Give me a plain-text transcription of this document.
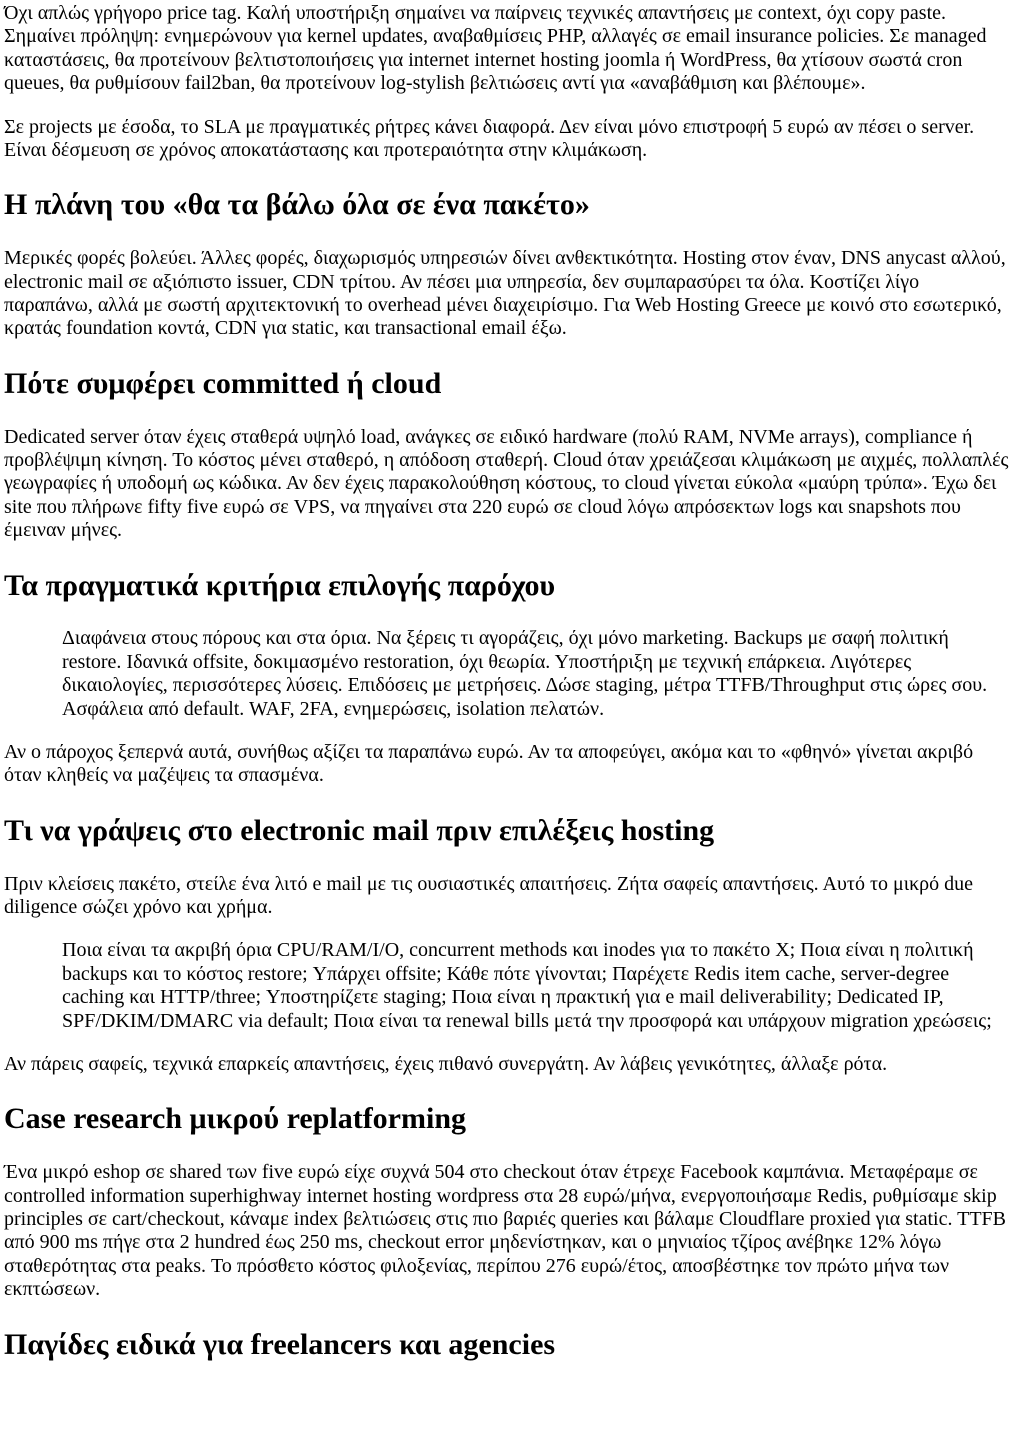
Όχι απλώς γρήγορο price tag. Καλή υποστήριξη σημαίνει να παίρνεις τεχνικές απαντήσεις με context, όχι copy paste. Σημαίνει πρόληψη: ενημερώνουν για kernel updates, αναβαθμίσεις PHP, αλλαγές σε email insurance policies. Σε managed καταστάσεις, θα προτείνουν βελτιστοποιήσεις για internet internet hosting joomla ή WordPress, θα χτίσουν σωστά cron queues, θα ρυθμίσουν fail2ban, θα προτείνουν log-stylish βελτιώσεις αντί για «αναβάθμιση και βλέπουμε».

Σε projects με έσοδα, το SLA με πραγματικές ρήτρες κάνει διαφορά. Δεν είναι μόνο επιστροφή 5 ευρώ αν πέσει ο server. Είναι δέσμευση σε χρόνος αποκατάστασης και προτεραιότητα στην κλιμάκωση.

Η πλάνη του «θα τα βάλω όλα σε ένα πακέτο»

Μερικές φορές βολεύει. Άλλες φορές, διαχωρισμός υπηρεσιών δίνει ανθεκτικότητα. Hosting στον έναν, DNS anycast αλλού, electronic mail σε αξιόπιστο issuer, CDN τρίτου. Αν πέσει μια υπηρεσία, δεν συμπαρασύρει τα όλα. Κοστίζει λίγο παραπάνω, αλλά με σωστή αρχιτεκτονική το overhead μένει διαχειρίσιμο. Για Web Hosting Greece με κοινό στο εσωτερικό, κρατάς foundation κοντά, CDN για static, και transactional email έξω.

Πότε συμφέρει committed ή cloud

Dedicated server όταν έχεις σταθερά υψηλό load, ανάγκες σε ειδικό hardware (πολύ RAM, NVMe arrays), compliance ή προβλέψιμη κίνηση. Το κόστος μένει σταθερό, η απόδοση σταθερή. Cloud όταν χρειάζεσαι κλιμάκωση με αιχμές, πολλαπλές γεωγραφίες ή υποδομή ως κώδικα. Αν δεν έχεις παρακολούθηση κόστους, το cloud γίνεται εύκολα «μαύρη τρύπα». Έχω δει site που πλήρωνε fifty five ευρώ σε VPS, να πηγαίνει στα 220 ευρώ σε cloud λόγω απρόσεκτων logs και snapshots που έμειναν μήνες.

Τα πραγματικά κριτήρια επιλογής παρόχου
Διαφάνεια στους πόρους και στα όρια. Να ξέρεις τι αγοράζεις, όχι μόνο marketing. Backups με σαφή πολιτική restore. Ιδανικά offsite, δοκιμασμένο restoration, όχι θεωρία. Υποστήριξη με τεχνική επάρκεια. Λιγότερες δικαιολογίες, περισσότερες λύσεις. Επιδόσεις με μετρήσεις. Δώσε staging, μέτρα TTFB/Throughput στις ώρες σου. Ασφάλεια από default. WAF, 2FA, ενημερώσεις, isolation πελατών.

Αν ο πάροχος ξεπερνά αυτά, συνήθως αξίζει τα παραπάνω ευρώ. Αν τα αποφεύγει, ακόμα και το «φθηνό» γίνεται ακριβό όταν κληθείς να μαζέψεις τα σπασμένα.

Τι να γράψεις στο electronic mail πριν επιλέξεις hosting

Πριν κλείσεις πακέτο, στείλε ένα λιτό e mail με τις ουσιαστικές απαιτήσεις. Ζήτα σαφείς απαντήσεις. Αυτό το μικρό due diligence σώζει χρόνο και χρήμα.

Ποια είναι τα ακριβή όρια CPU/RAM/I/O, concurrent methods και inodes για το πακέτο X; Ποια είναι η πολιτική backups και το κόστος restore; Υπάρχει offsite; Κάθε πότε γίνονται; Παρέχετε Redis item cache, server-degree caching και HTTP/three; Υποστηρίζετε staging; Ποια είναι η πρακτική για e mail deliverability; Dedicated IP, SPF/DKIM/DMARC via default; Ποια είναι τα renewal bills μετά την προσφορά και υπάρχουν migration χρεώσεις;

Αν πάρεις σαφείς, τεχνικά επαρκείς απαντήσεις, έχεις πιθανό συνεργάτη. Αν λάβεις γενικότητες, άλλαξε ρότα.

Case research μικρού replatforming

Ένα μικρό eshop σε shared των five ευρώ είχε συχνά 504 στο checkout όταν έτρεχε Facebook καμπάνια. Μεταφέραμε σε controlled information superhighway internet hosting wordpress στα 28 ευρώ/μήνα, ενεργοποιήσαμε Redis, ρυθμίσαμε skip principles σε cart/checkout, κάναμε index βελτιώσεις στις πιο βαριές queries και βάλαμε Cloudflare proxied για static. TTFB από 900 ms πήγε στα 2 hundred έως 250 ms, checkout error μηδενίστηκαν, και ο μηνιαίος τζίρος ανέβηκε 12% λόγω σταθερότητας στα peaks. Το πρόσθετο κόστος φιλοξενίας, περίπου 276 ευρώ/έτος, αποσβέστηκε τον πρώτο μήνα των εκπτώσεων.

Παγίδες ειδικά για freelancers και agencies
